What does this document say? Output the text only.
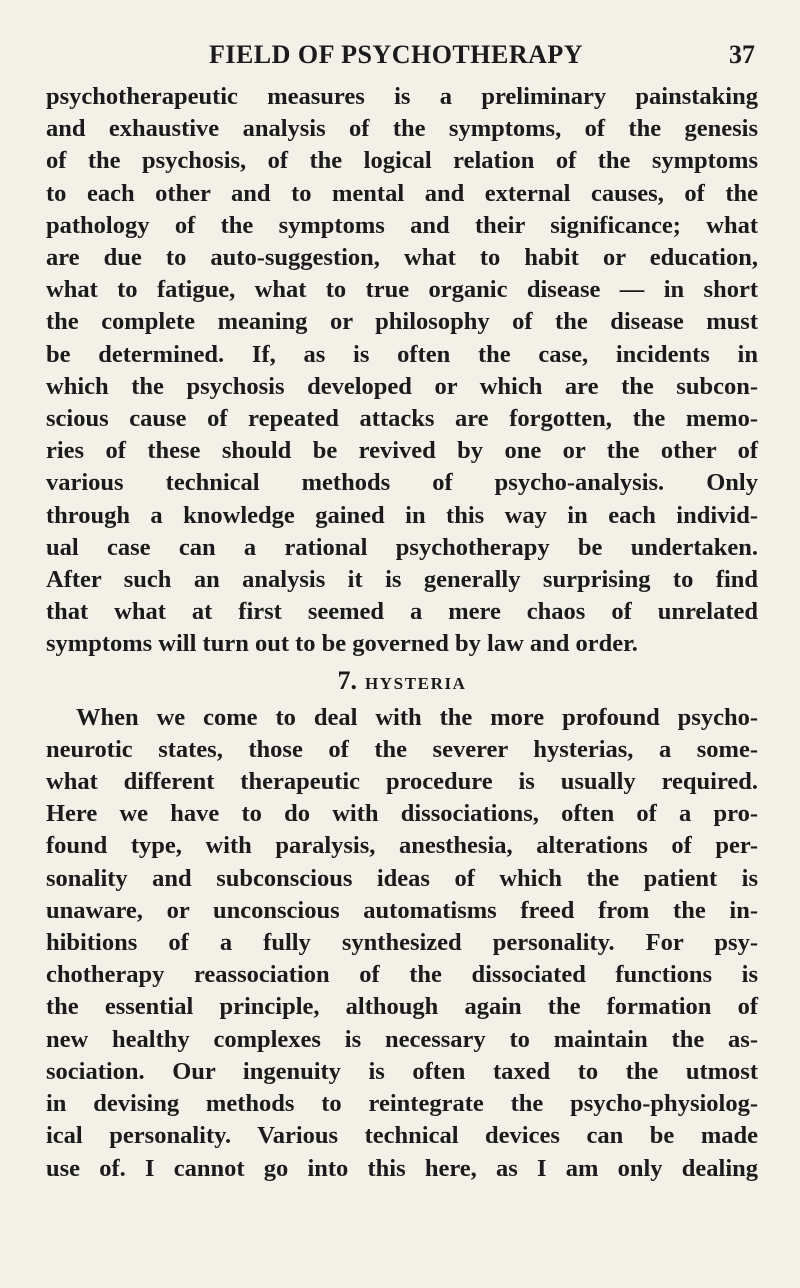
FIELD OF PSYCHOTHERAPY	37
psychotherapeutic measures is a preliminary painstaking
and exhaustive analysis of the symptoms, of the genesis
of the psychosis, of the logical relation of the symptoms
to each other and to mental and external causes, of the
pathology of the symptoms and their significance; what
are due to auto-suggestion, what to habit or education,
what to fatigue, what to true organic disease — in short
the complete meaning or philosophy of the disease must
be determined. If, as is often the case, incidents in
which the psychosis developed or which are the subcon-
scious cause of repeated attacks are forgotten, the memo-
ries of these should be revived by one or the other of
various technical methods of psycho-analysis. Only
through a knowledge gained in this way in each individ-
ual case can a rational psychotherapy be undertaken.
After such an analysis it is generally surprising to find
that what at first seemed a mere chaos of unrelated
symptoms will turn out to be governed by law and order.
7. HYSTERIA
When we come to deal with the more profound psycho-
neurotic states, those of the severer hysterias, a some-
what different therapeutic procedure is usually required.
Here we have to do with dissociations, often of a pro-
found type, with paralysis, anesthesia, alterations of per-
sonality and subconscious ideas of which the patient is
unaware, or unconscious automatisms freed from the in-
hibitions of a fully synthesized personality. For psy-
chotherapy reassociation of the dissociated functions is
the essential principle, although again the formation of
new healthy complexes is necessary to maintain the as-
sociation. Our ingenuity is often taxed to the utmost
in devising methods to reintegrate the psycho-physiolog-
ical personality. Various technical devices can be made
use of. I cannot go into this here, as I am only dealing
